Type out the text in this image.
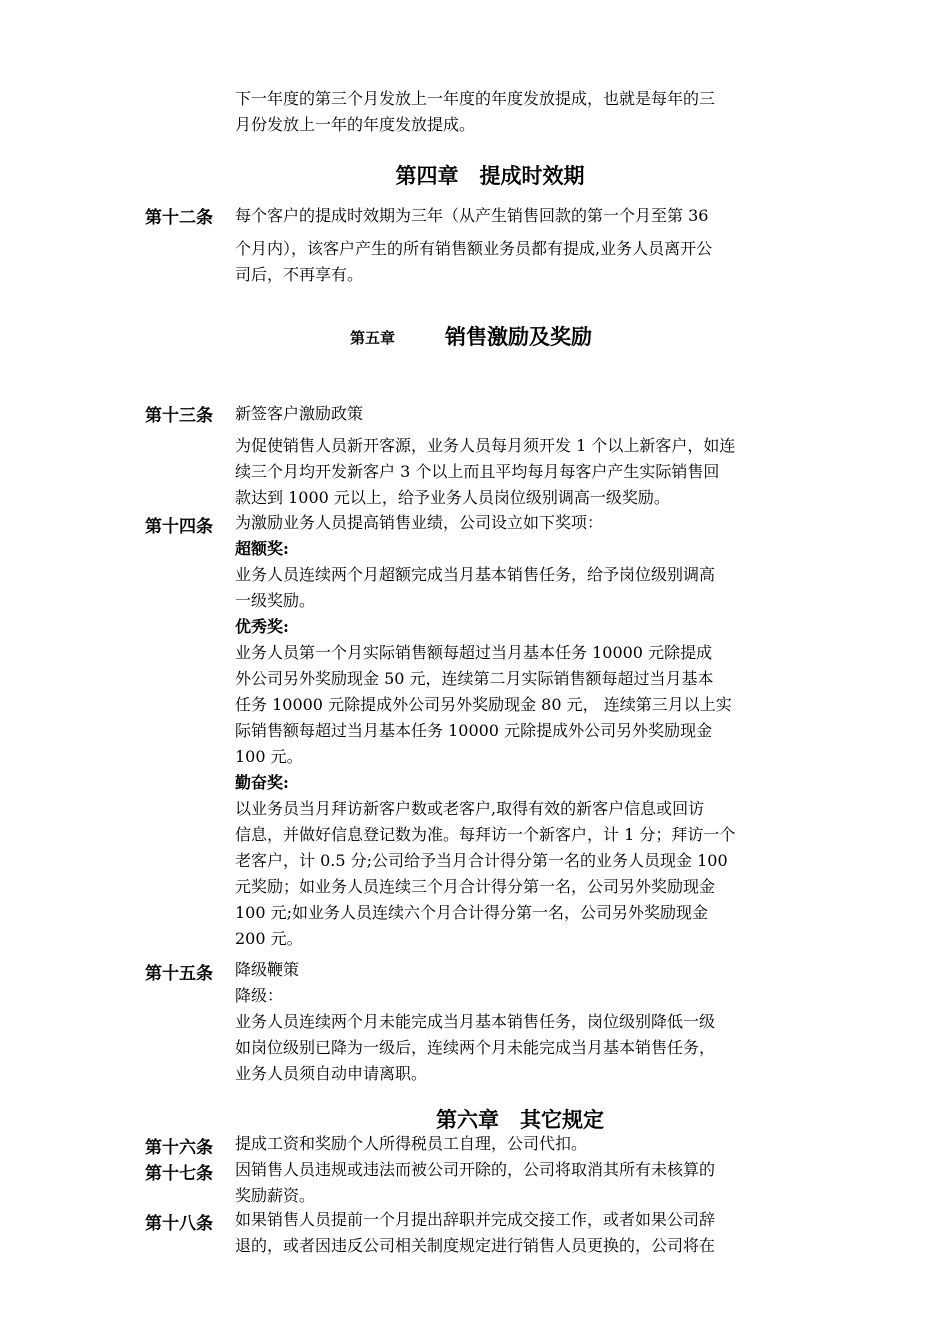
下一年度的第三个月发放上一年度的年度发放提成，也就是每年的三
月份发放上一年的年度发放提成。
第四章　提成时效期
第十二条 每个客户的提成时效期为三年（从产生销售回款的第一个月至第 36
个月内），该客户产生的所有销售额业务员都有提成,业务人员离开公
司后，不再享有。
第五章 销售激励及奖励
第十三条 新签客户激励政策
为促使销售人员新开客源，业务人员每月须开发 1 个以上新客户，如连
续三个月均开发新客户 3 个以上而且平均每月每客户产生实际销售回
款达到 1000 元以上，给予业务人员岗位级别调高一级奖励。
第十四条 为激励业务人员提高销售业绩，公司设立如下奖项：
超额奖:
业务人员连续两个月超额完成当月基本销售任务，给予岗位级别调高
一级奖励。
优秀奖:
业务人员第一个月实际销售额每超过当月基本任务 10000 元除提成
外公司另外奖励现金 50 元，连续第二月实际销售额每超过当月基本
任务 10000 元除提成外公司另外奖励现金 80 元， 连续第三月以上实
际销售额每超过当月基本任务 10000 元除提成外公司另外奖励现金
100 元。
勤奋奖:
以业务员当月拜访新客户数或老客户,取得有效的新客户信息或回访
信息，并做好信息登记数为准。每拜访一个新客户，计 1 分；拜访一个
老客户，计 0.5 分;公司给予当月合计得分第一名的业务人员现金 100
元奖励；如业务人员连续三个月合计得分第一名，公司另外奖励现金
100 元;如业务人员连续六个月合计得分第一名，公司另外奖励现金
200 元。
第十五条 降级鞭策
降级：
业务人员连续两个月未能完成当月基本销售任务，岗位级别降低一级
如岗位级别已降为一级后，连续两个月未能完成当月基本销售任务，
业务人员须自动申请离职。
第六章　其它规定
第十六条 提成工资和奖励个人所得税员工自理，公司代扣。
第十七条 因销售人员违规或违法而被公司开除的，公司将取消其所有未核算的
奖励薪资。
第十八条 如果销售人员提前一个月提出辞职并完成交接工作，或者如果公司辞
退的，或者因违反公司相关制度规定进行销售人员更换的，公司将在
